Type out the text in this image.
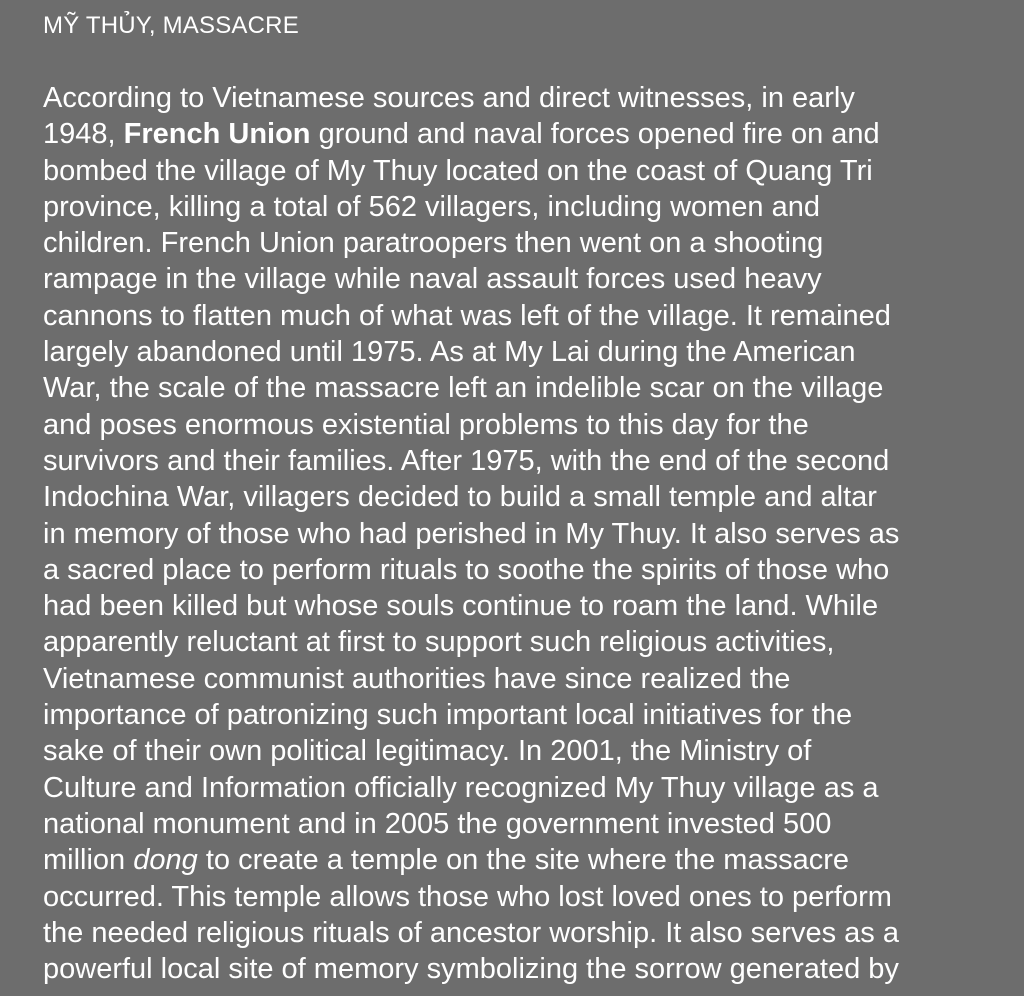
MỸ THỦY, MASSACRE
According to Vietnamese sources and direct witnesses, in early
1948, French Union ground and naval forces opened fire on and
bombed the village of My Thuy located on the coast of Quang Tri
province, killing a total of 562 villagers, including women and
children. French Union paratroopers then went on a shooting
rampage in the village while naval assault forces used heavy
cannons to flatten much of what was left of the village. It remained
largely abandoned until 1975. As at My Lai during the American
War, the scale of the massacre left an indelible scar on the village
and poses enormous existential problems to this day for the
survivors and their families. After 1975, with the end of the second
Indochina War, villagers decided to build a small temple and altar
in memory of those who had perished in My Thuy. It also serves as
a sacred place to perform rituals to soothe the spirits of those who
had been killed but whose souls continue to roam the land. While
apparently reluctant at first to support such religious activities,
Vietnamese communist authorities have since realized the
importance of patronizing such important local initiatives for the
sake of their own political legitimacy. In 2001, the Ministry of
Culture and Information officially recognized My Thuy village as a
national monument and in 2005 the government invested 500
million dong to create a temple on the site where the massacre
occurred. This temple allows those who lost loved ones to perform
the needed religious rituals of ancestor worship. It also serves as a
powerful local site of memory symbolizing the sorrow generated by
